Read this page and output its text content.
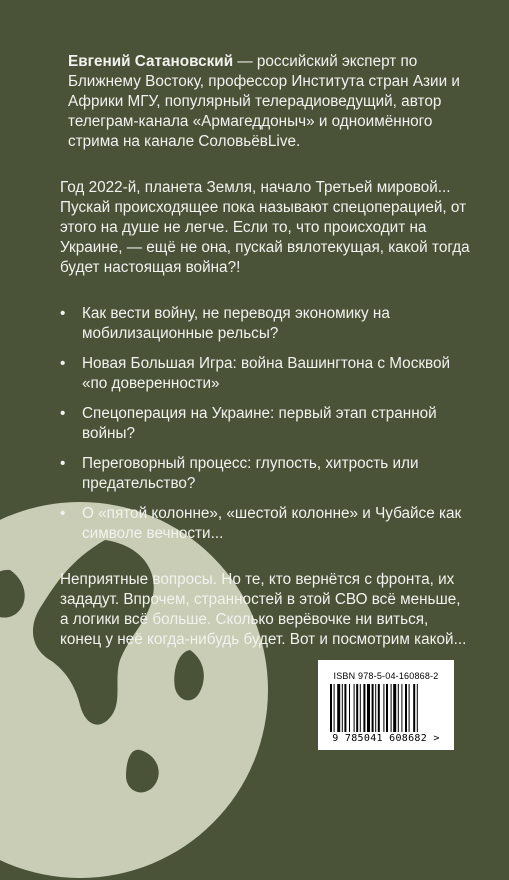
Евгений Сатановский — российский эксперт по Ближнему Востоку, профессор Института стран Азии и Африки МГУ, популярный телерадиоведущий, автор телеграм-канала «Армагеддоныч» и одноимённого стрима на канале СоловьёвLive.

Год 2022-й, планета Земля, начало Третьей мировой... Пускай происходящее пока называют спецоперацией, от этого на душе не легче. Если то, что происходит на Украине, — ещё не она, пускай вялотекущая, какой тогда будет настоящая война?!

• Как вести войну, не переводя экономику на мобилизационные рельсы?
• Новая Большая Игра: война Вашингтона с Москвой «по доверенности»
• Спецоперация на Украине: первый этап странной войны?
• Переговорный процесс: глупость, хитрость или предательство?
• О «пятой колонне», «шестой колонне» и Чубайсе как символе вечности...

Неприятные вопросы. Но те, кто вернётся с фронта, их зададут. Впрочем, странностей в этой СВО всё меньше, а логики всё больше. Сколько верёвочке ни виться, конец у неё когда-нибудь будет. Вот и посмотрим какой...

ISBN 978-5-04-160868-2
9 785041 608682 >
